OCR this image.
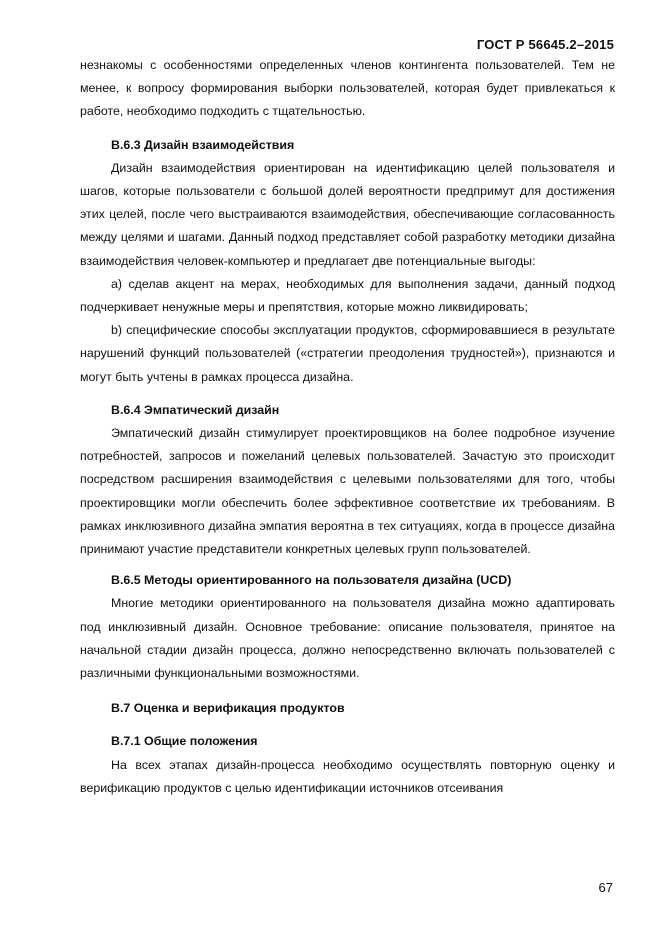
ГОСТ Р 56645.2–2015

незнакомы с особенностями определенных членов контингента пользователей. Тем не менее, к вопросу формирования выборки пользователей, которая будет привлекаться к работе, необходимо подходить с тщательностью.

В.6.3 Дизайн взаимодействия

Дизайн взаимодействия ориентирован на идентификацию целей пользователя и шагов, которые пользователи с большой долей вероятности предпримут для достижения этих целей, после чего выстраиваются взаимодействия, обеспечивающие согласованность между целями и шагами. Данный подход представляет собой разработку методики дизайна взаимодействия человек-компьютер и предлагает две потенциальные выгоды:

a) сделав акцент на мерах, необходимых для выполнения задачи, данный подход подчеркивает ненужные меры и препятствия, которые можно ликвидировать;

b) специфические способы эксплуатации продуктов, сформировавшиеся в результате нарушений функций пользователей («стратегии преодоления трудностей»), признаются и могут быть учтены в рамках процесса дизайна.

В.6.4 Эмпатический дизайн

Эмпатический дизайн стимулирует проектировщиков на более подробное изучение потребностей, запросов и пожеланий целевых пользователей. Зачастую это происходит посредством расширения взаимодействия с целевыми пользователями для того, чтобы проектировщики могли обеспечить более эффективное соответствие их требованиям. В рамках инклюзивного дизайна эмпатия вероятна в тех ситуациях, когда в процессе дизайна принимают участие представители конкретных целевых групп пользователей.

В.6.5 Методы ориентированного на пользователя дизайна (UCD)

Многие методики ориентированного на пользователя дизайна можно адаптировать под инклюзивный дизайн. Основное требование: описание пользователя, принятое на начальной стадии дизайн процесса, должно непосредственно включать пользователей с различными функциональными возможностями.

В.7 Оценка и верификация продуктов
В.7.1 Общие положения

На всех этапах дизайн-процесса необходимо осуществлять повторную оценку и верификацию продуктов с целью идентификации источников отсеивания

67
